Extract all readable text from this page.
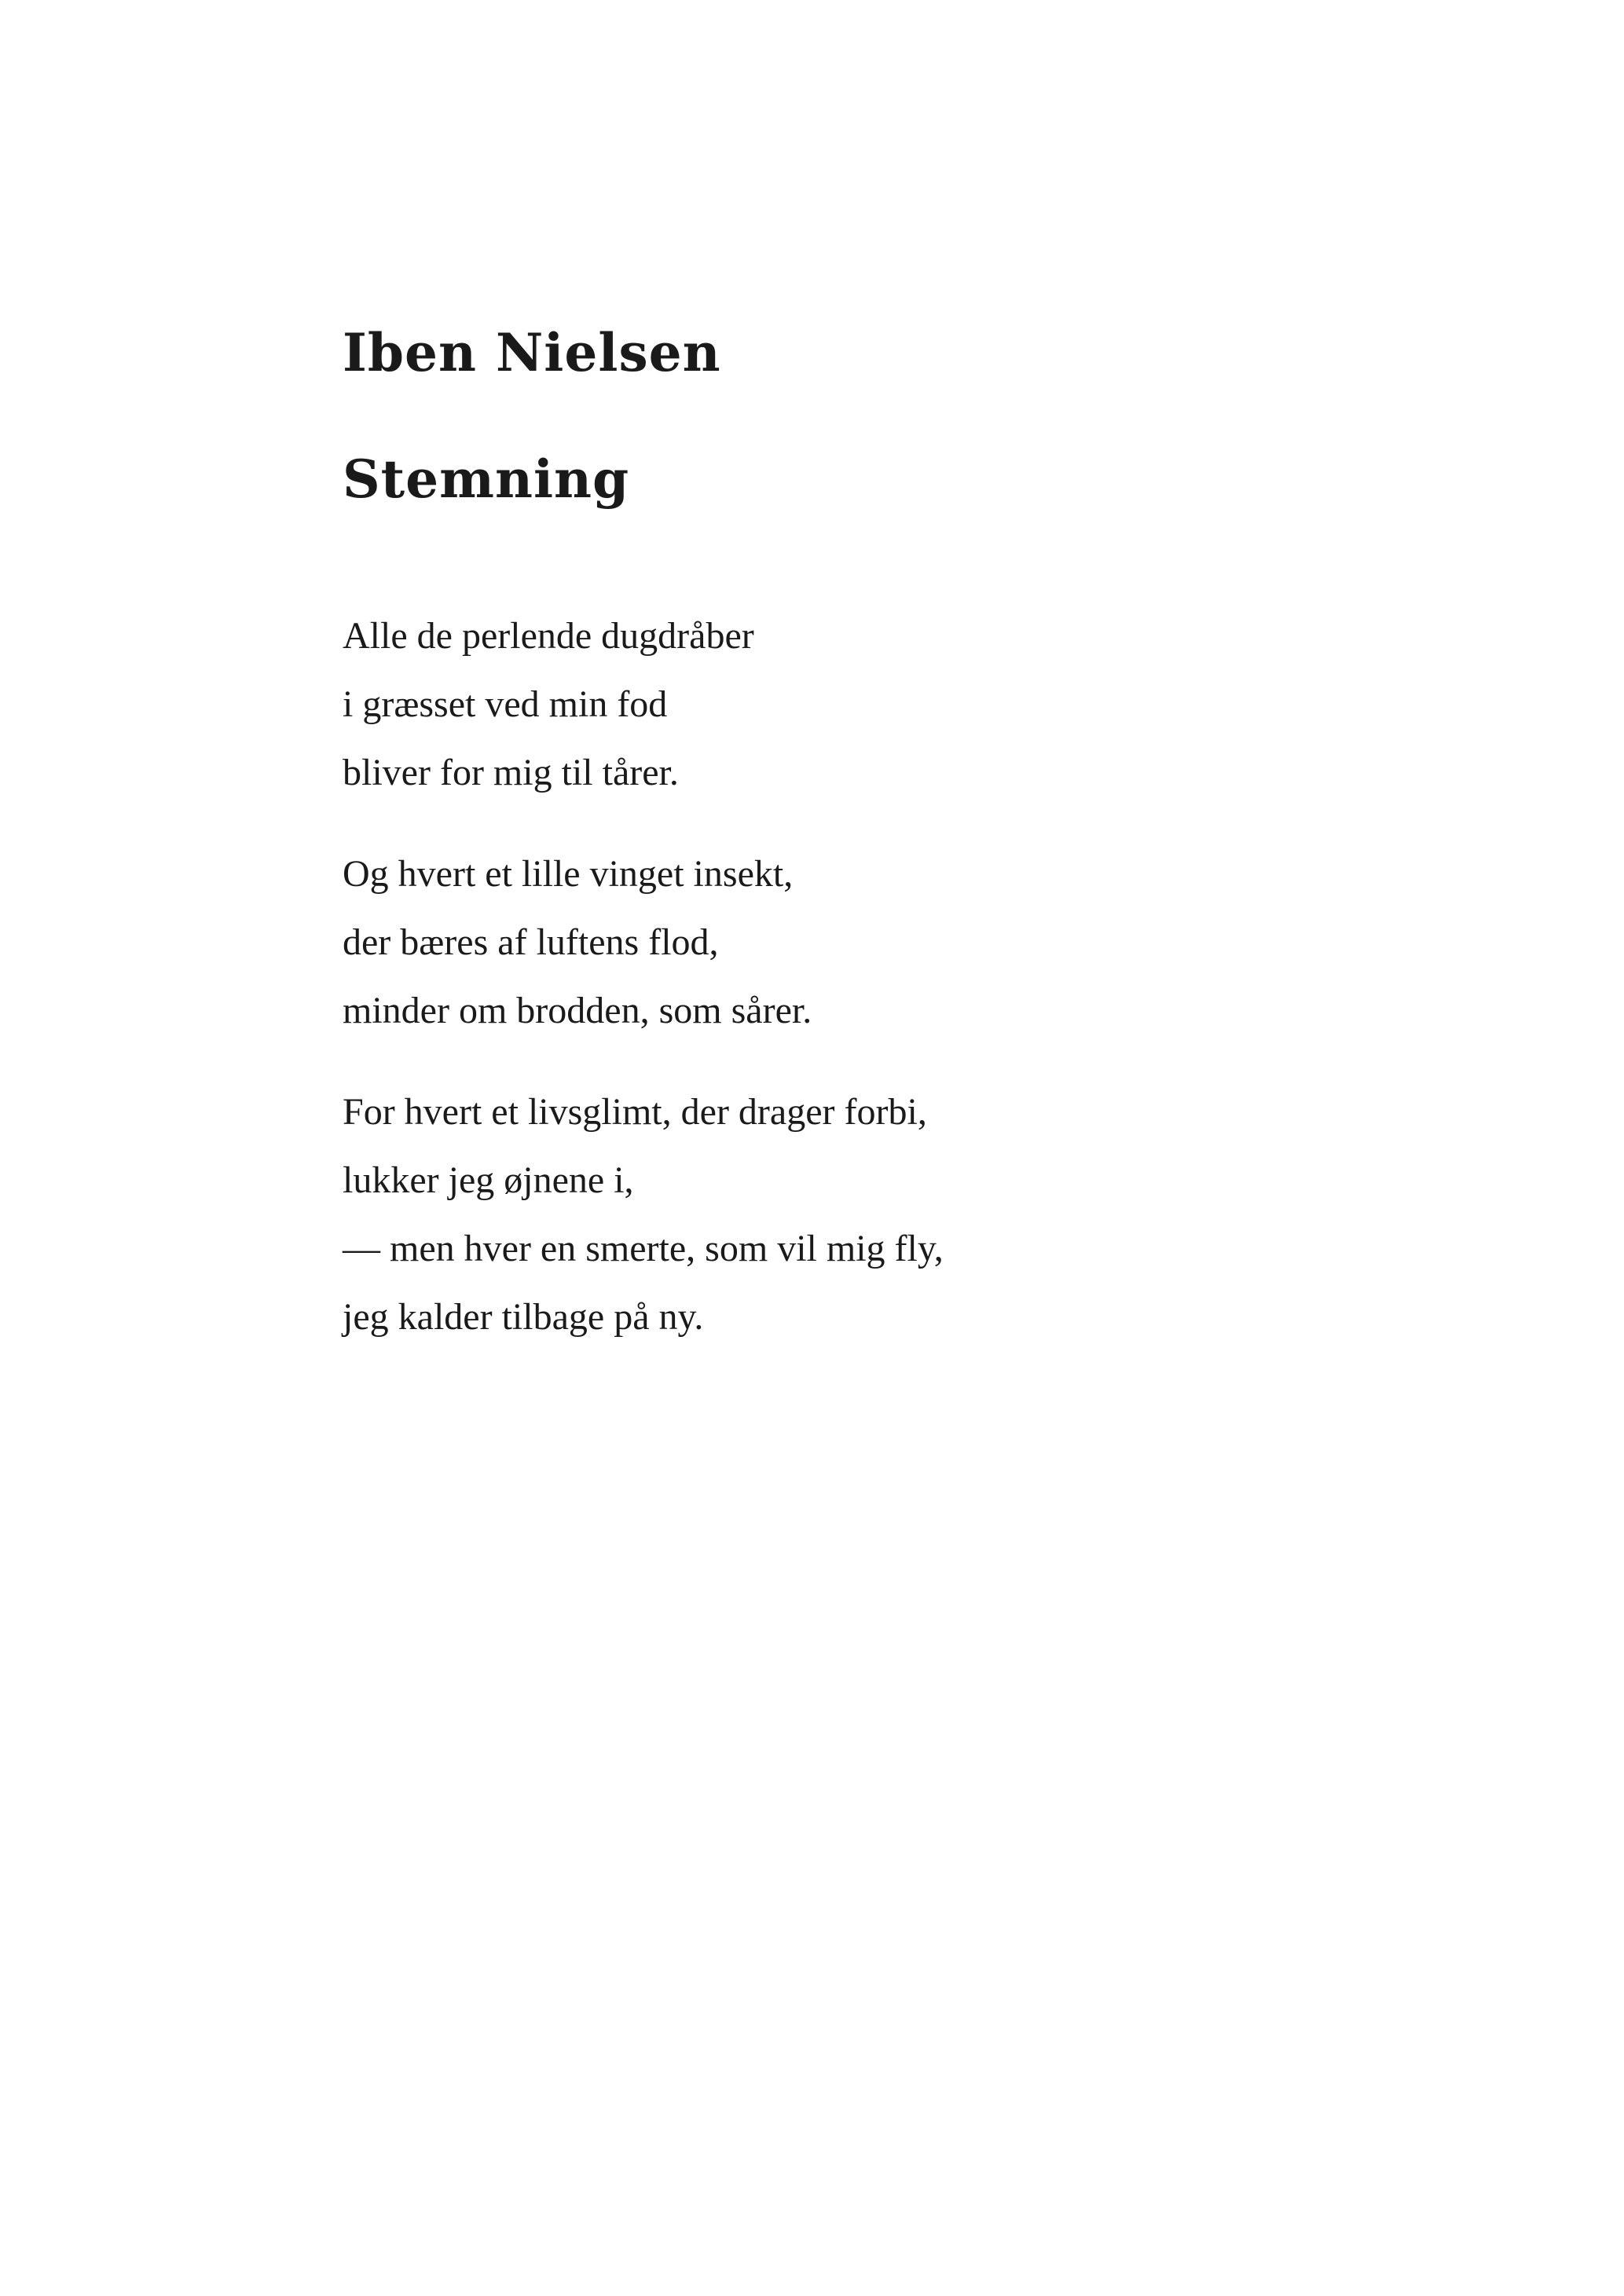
Iben Nielsen
Stemning
Alle de perlende dugdråber
i græsset ved min fod
bliver for mig til tårer.
Og hvert et lille vinget insekt,
der bæres af luftens flod,
minder om brodden, som sårer.
For hvert et livsglimt, der drager forbi,
lukker jeg øjnene i,
— men hver en smerte, som vil mig fly,
jeg kalder tilbage på ny.
